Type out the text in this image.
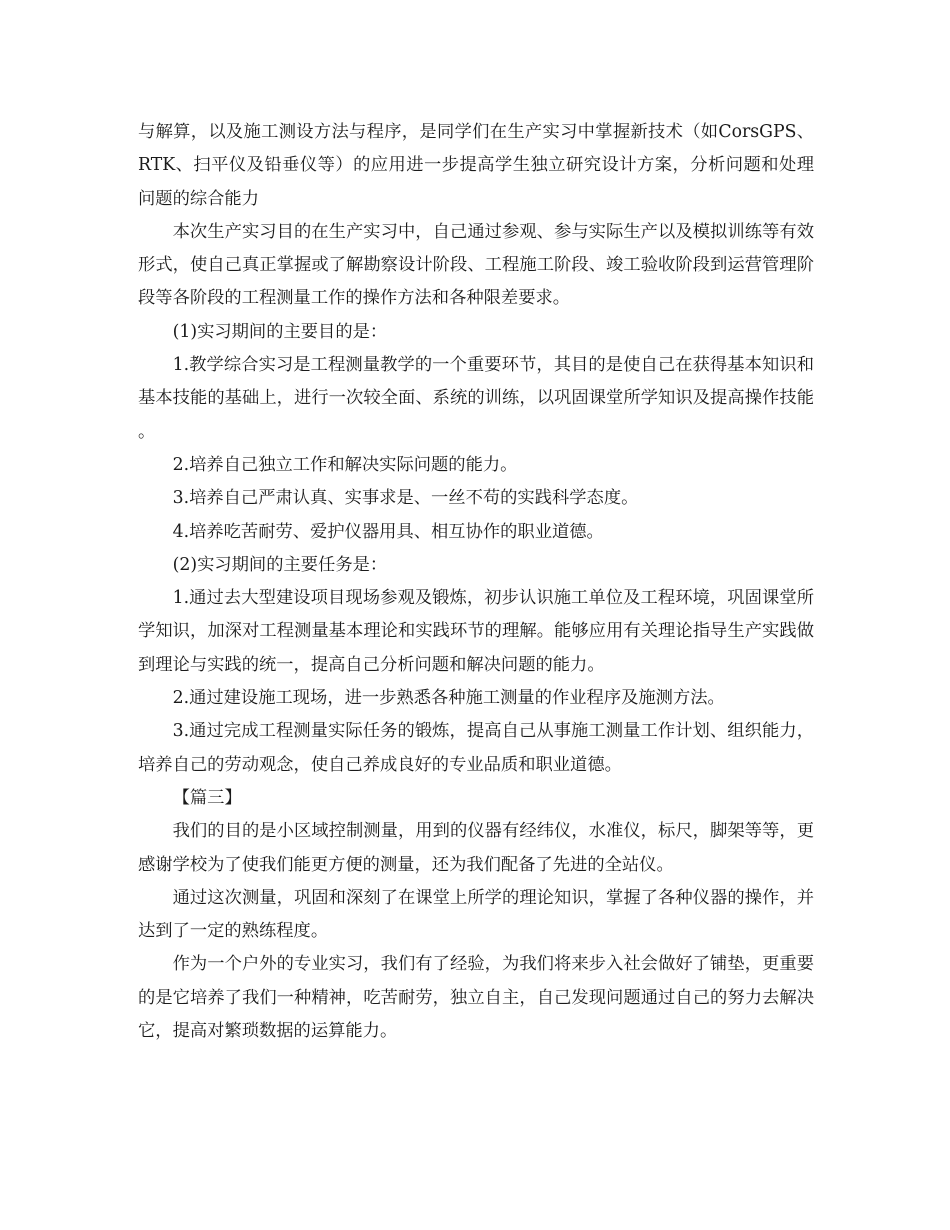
与解算，以及施工测设方法与程序，是同学们在生产实习中掌握新技术（如CorsGPS、RTK、扫平仪及铅垂仪等）的应用进一步提高学生独立研究设计方案，分析问题和处理问题的综合能力

本次生产实习目的在生产实习中，自己通过参观、参与实际生产以及模拟训练等有效形式，使自己真正掌握或了解勘察设计阶段、工程施工阶段、竣工验收阶段到运营管理阶段等各阶段的工程测量工作的操作方法和各种限差要求。

(1)实习期间的主要目的是：

1.教学综合实习是工程测量教学的一个重要环节，其目的是使自己在获得基本知识和基本技能的基础上，进行一次较全面、系统的训练，以巩固课堂所学知识及提高操作技能。

2.培养自己独立工作和解决实际问题的能力。

3.培养自己严肃认真、实事求是、一丝不苟的实践科学态度。

4.培养吃苦耐劳、爱护仪器用具、相互协作的职业道德。

(2)实习期间的主要任务是：

1.通过去大型建设项目现场参观及锻炼，初步认识施工单位及工程环境，巩固课堂所学知识，加深对工程测量基本理论和实践环节的理解。能够应用有关理论指导生产实践做到理论与实践的统一，提高自己分析问题和解决问题的能力。

2.通过建设施工现场，进一步熟悉各种施工测量的作业程序及施测方法。

3.通过完成工程测量实际任务的锻炼，提高自己从事施工测量工作计划、组织能力，培养自己的劳动观念，使自己养成良好的专业品质和职业道德。

【篇三】

我们的目的是小区域控制测量，用到的仪器有经纬仪，水准仪，标尺，脚架等等，更感谢学校为了使我们能更方便的测量，还为我们配备了先进的全站仪。

通过这次测量，巩固和深刻了在课堂上所学的理论知识，掌握了各种仪器的操作，并达到了一定的熟练程度。

作为一个户外的专业实习，我们有了经验，为我们将来步入社会做好了铺垫，更重要的是它培养了我们一种精神，吃苦耐劳，独立自主，自己发现问题通过自己的努力去解决它，提高对繁琐数据的运算能力。
